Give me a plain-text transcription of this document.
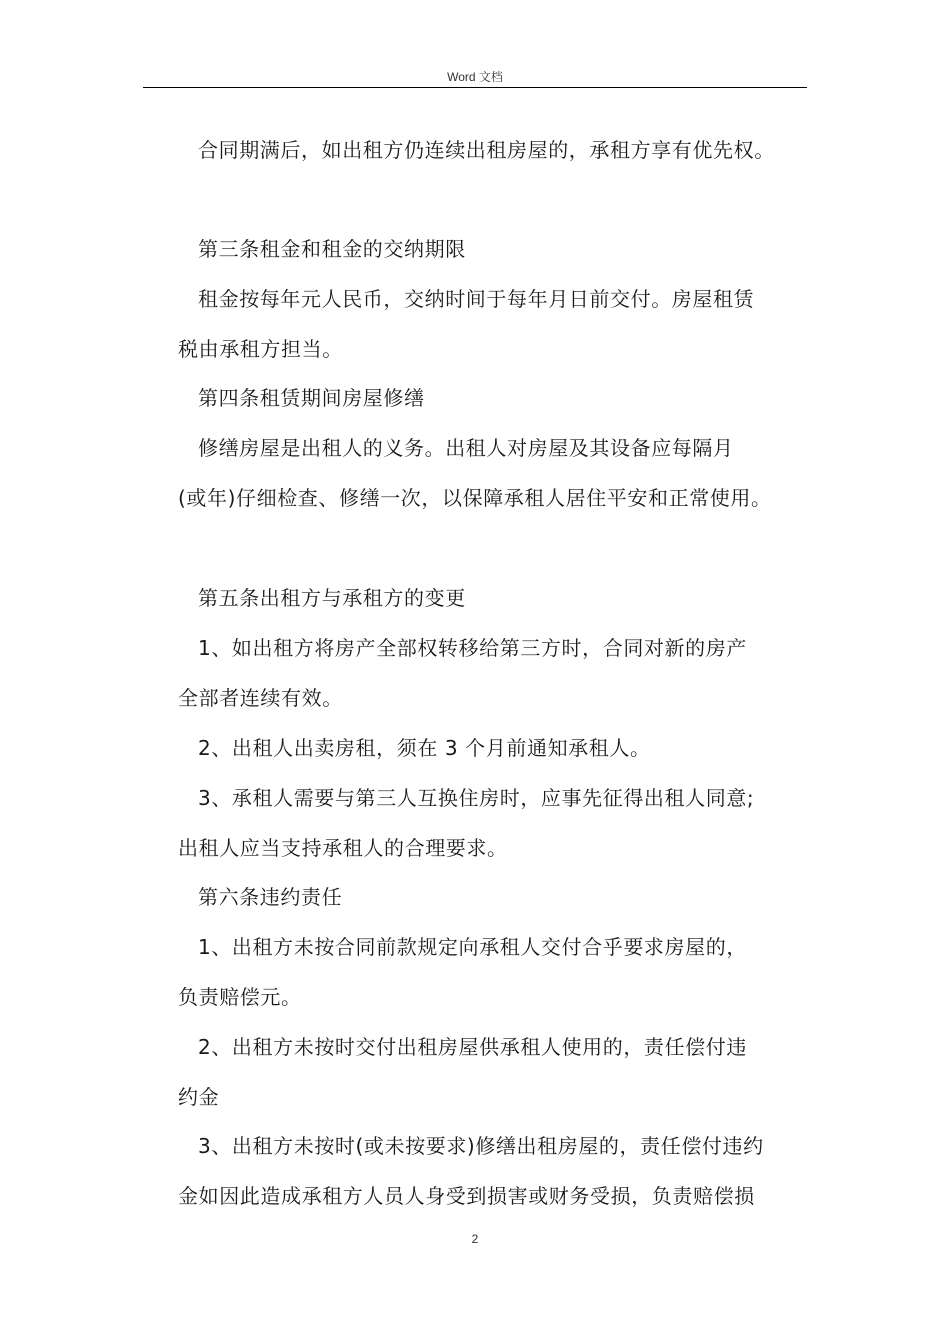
Word 文档
合同期满后，如出租方仍连续出租房屋的，承租方享有优先权。
第三条租金和租金的交纳期限
租金按每年元人民币，交纳时间于每年月日前交付。房屋租赁
税由承租方担当。
第四条租赁期间房屋修缮
修缮房屋是出租人的义务。出租人对房屋及其设备应每隔月
(或年)仔细检查、修缮一次，以保障承租人居住平安和正常使用。
第五条出租方与承租方的变更
1、如出租方将房产全部权转移给第三方时，合同对新的房产
全部者连续有效。
2、出租人出卖房租，须在 3 个月前通知承租人。
3、承租人需要与第三人互换住房时，应事先征得出租人同意;
出租人应当支持承租人的合理要求。
第六条违约责任
1、出租方未按合同前款规定向承租人交付合乎要求房屋的，
负责赔偿元。
2、出租方未按时交付出租房屋供承租人使用的，责任偿付违
约金
3、出租方未按时(或未按要求)修缮出租房屋的，责任偿付违约
金如因此造成承租方人员人身受到损害或财务受损，负责赔偿损
2
